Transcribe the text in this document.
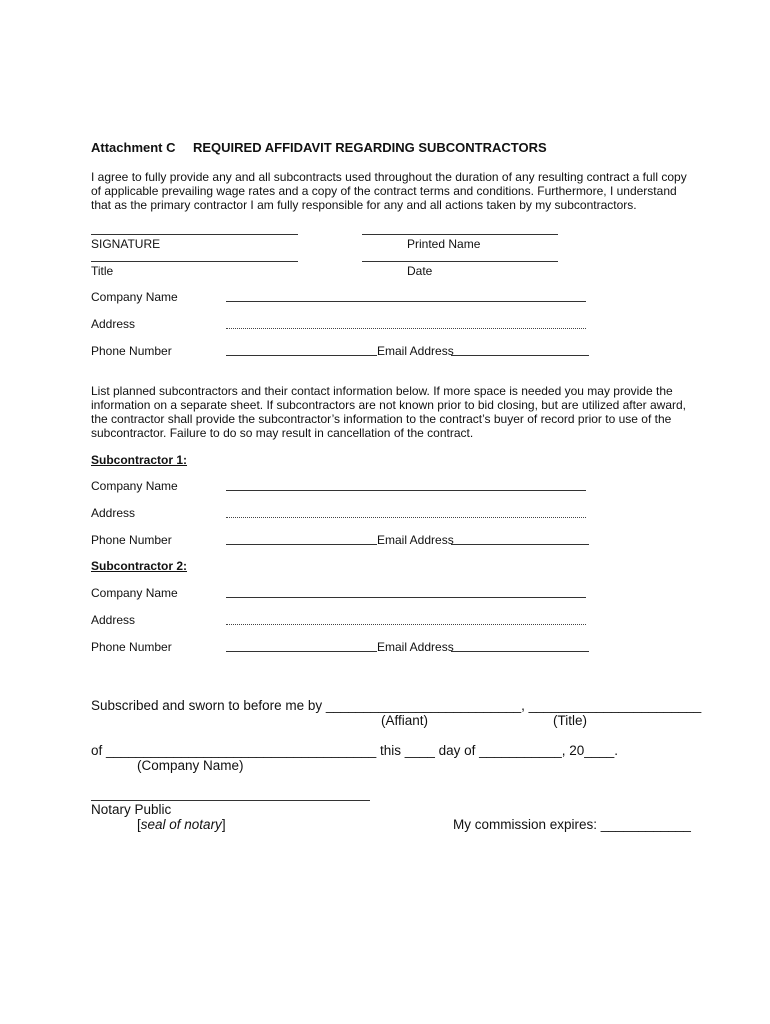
Attachment C REQUIRED AFFIDAVIT REGARDING SUBCONTRACTORS
I agree to fully provide any and all subcontracts used throughout the duration of any resulting contract a full copy of applicable prevailing wage rates and a copy of the contract terms and conditions. Furthermore, I understand that as the primary contractor I am fully responsible for any and all actions taken by my subcontractors.
SIGNATURE	Printed Name
Title	Date
Company Name
Address
Phone Number	Email Address
List planned subcontractors and their contact information below. If more space is needed you may provide the information on a separate sheet. If subcontractors are not known prior to bid closing, but are utilized after award, the contractor shall provide the subcontractor’s information to the contract’s buyer of record prior to use of the subcontractor. Failure to do so may result in cancellation of the contract.
Subcontractor 1:
Company Name
Address
Phone Number	Email Address
Subcontractor 2:
Company Name
Address
Phone Number	Email Address
Subscribed and sworn to before me by __________________________, _______________________
(Affiant)	(Title)
of ____________________________________ this ____ day of ___________, 20____.
(Company Name)
Notary Public
[seal of notary]	My commission expires: ____________
